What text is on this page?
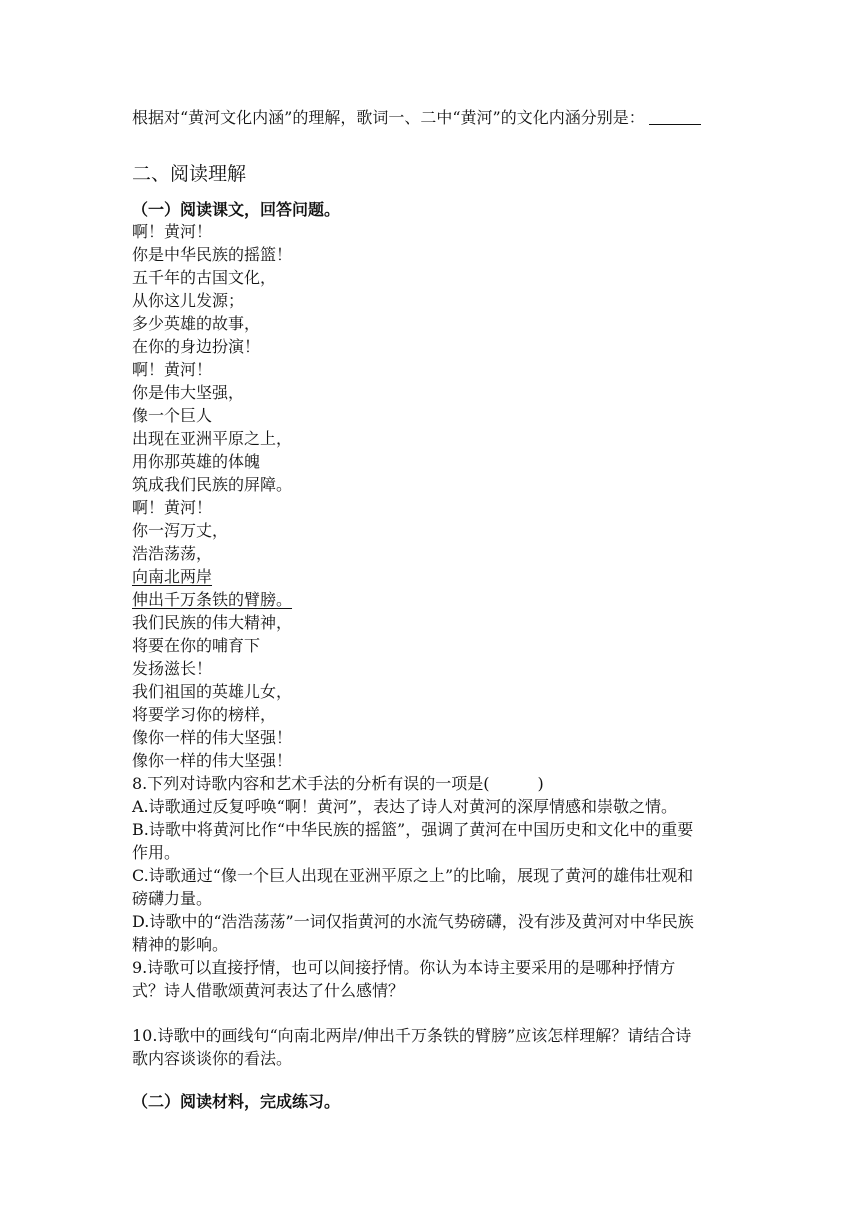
根据对“黄河文化内涵”的理解，歌词一、二中“黄河”的文化内涵分别是：
二、阅读理解
（一）阅读课文，回答问题。
啊！黄河！
你是中华民族的摇篮！
五千年的古国文化，
从你这儿发源；
多少英雄的故事，
在你的身边扮演！
啊！黄河！
你是伟大坚强，
像一个巨人
出现在亚洲平原之上，
用你那英雄的体魄
筑成我们民族的屏障。
啊！黄河！
你一泻万丈，
浩浩荡荡，
向南北两岸
伸出千万条铁的臂膀。
我们民族的伟大精神，
将要在你的哺育下
发扬滋长！
我们祖国的英雄儿女，
将要学习你的榜样，
像你一样的伟大坚强！
像你一样的伟大坚强！
8.下列对诗歌内容和艺术手法的分析有误的一项是(　　　)
A.诗歌通过反复呼唤“啊！黄河”，表达了诗人对黄河的深厚情感和崇敬之情。
B.诗歌中将黄河比作“中华民族的摇篮”，强调了黄河在中国历史和文化中的重要
作用。
C.诗歌通过“像一个巨人出现在亚洲平原之上”的比喻，展现了黄河的雄伟壮观和
磅礴力量。
D.诗歌中的“浩浩荡荡”一词仅指黄河的水流气势磅礴，没有涉及黄河对中华民族
精神的影响。
9.诗歌可以直接抒情，也可以间接抒情。你认为本诗主要采用的是哪种抒情方
式？诗人借歌颂黄河表达了什么感情？
10.诗歌中的画线句“向南北两岸/伸出千万条铁的臂膀”应该怎样理解？请结合诗
歌内容谈谈你的看法。
（二）阅读材料，完成练习。
